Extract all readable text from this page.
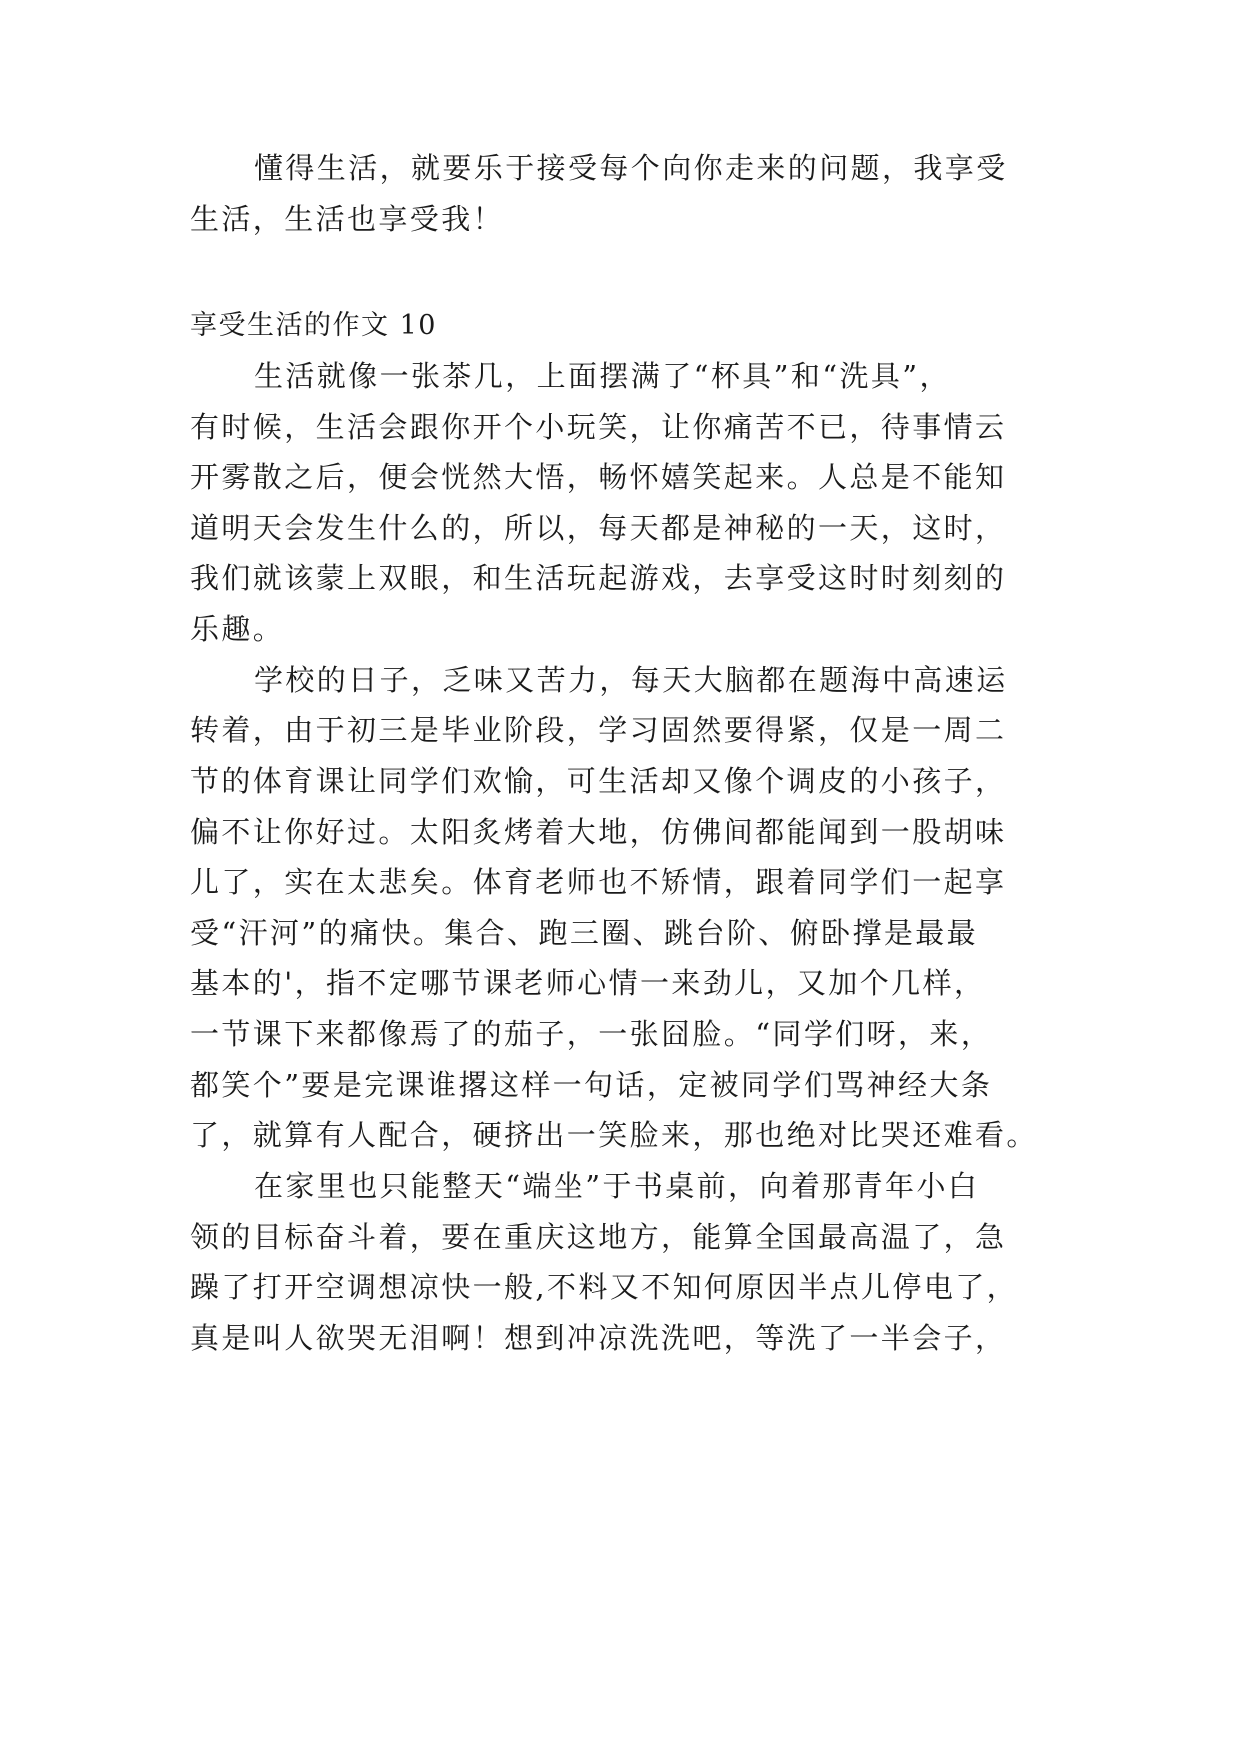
懂得生活，就要乐于接受每个向你走来的问题，我享受

生活，生活也享受我！

享受生活的作文 10

生活就像一张茶几，上面摆满了“杯具”和“洗具”，

有时候，生活会跟你开个小玩笑，让你痛苦不已，待事情云

开雾散之后，便会恍然大悟，畅怀嬉笑起来。人总是不能知

道明天会发生什么的，所以，每天都是神秘的一天，这时，

我们就该蒙上双眼，和生活玩起游戏，去享受这时时刻刻的

乐趣。

学校的日子，乏味又苦力，每天大脑都在题海中高速运

转着，由于初三是毕业阶段，学习固然要得紧，仅是一周二

节的体育课让同学们欢愉，可生活却又像个调皮的小孩子，

偏不让你好过。太阳炙烤着大地，仿佛间都能闻到一股胡味

儿了，实在太悲矣。体育老师也不矫情，跟着同学们一起享

受“汗河”的痛快。集合、跑三圈、跳台阶、俯卧撑是最最

基本的'，指不定哪节课老师心情一来劲儿，又加个几样，

一节课下来都像焉了的茄子，一张囧脸。“同学们呀，来，

都笑个”要是完课谁撂这样一句话，定被同学们骂神经大条

了，就算有人配合，硬挤出一笑脸来，那也绝对比哭还难看。

在家里也只能整天“端坐”于书桌前，向着那青年小白

领的目标奋斗着，要在重庆这地方，能算全国最高温了，急

躁了打开空调想凉快一般,不料又不知何原因半点儿停电了，

真是叫人欲哭无泪啊！想到冲凉洗洗吧，等洗了一半会子，
